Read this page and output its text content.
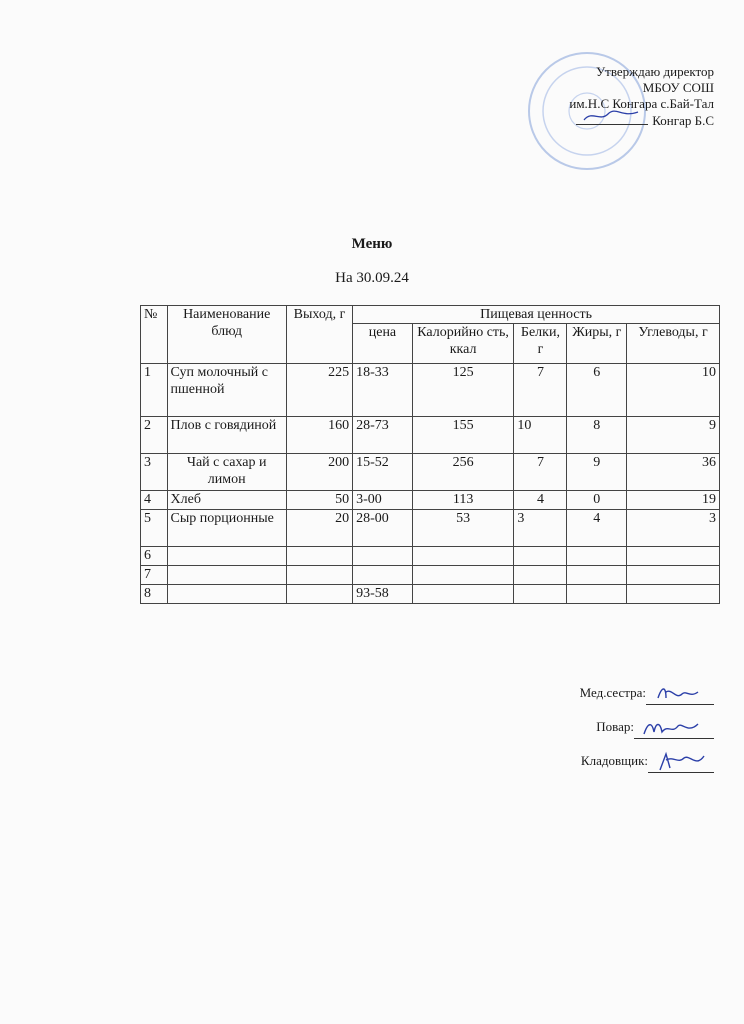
Утверждаю директор
МБОУ СОШ
им.Н.С Конгара с.Бай-Тал
Конгар Б.С
Меню
На 30.09.24
№	Наименование блюд	Выход, г	Пищевая ценность				
			цена	Калорийно сть, ккал	Белки, г	Жиры, г	Углеводы, г
1	Суп молочный с пшенной	225	18-33	125	7	6	10
2	Плов с говядиной	160	28-73	155	10	8	9
3	Чай с сахар и лимон	200	15-52	256	7	9	36
4	Хлеб	50	3-00	113	4	0	19
5	Сыр порционные	20	28-00	53	3	4	3
6							
7							
8			93-58				
Мед.сестра:
Повар:
Кладовщик:
